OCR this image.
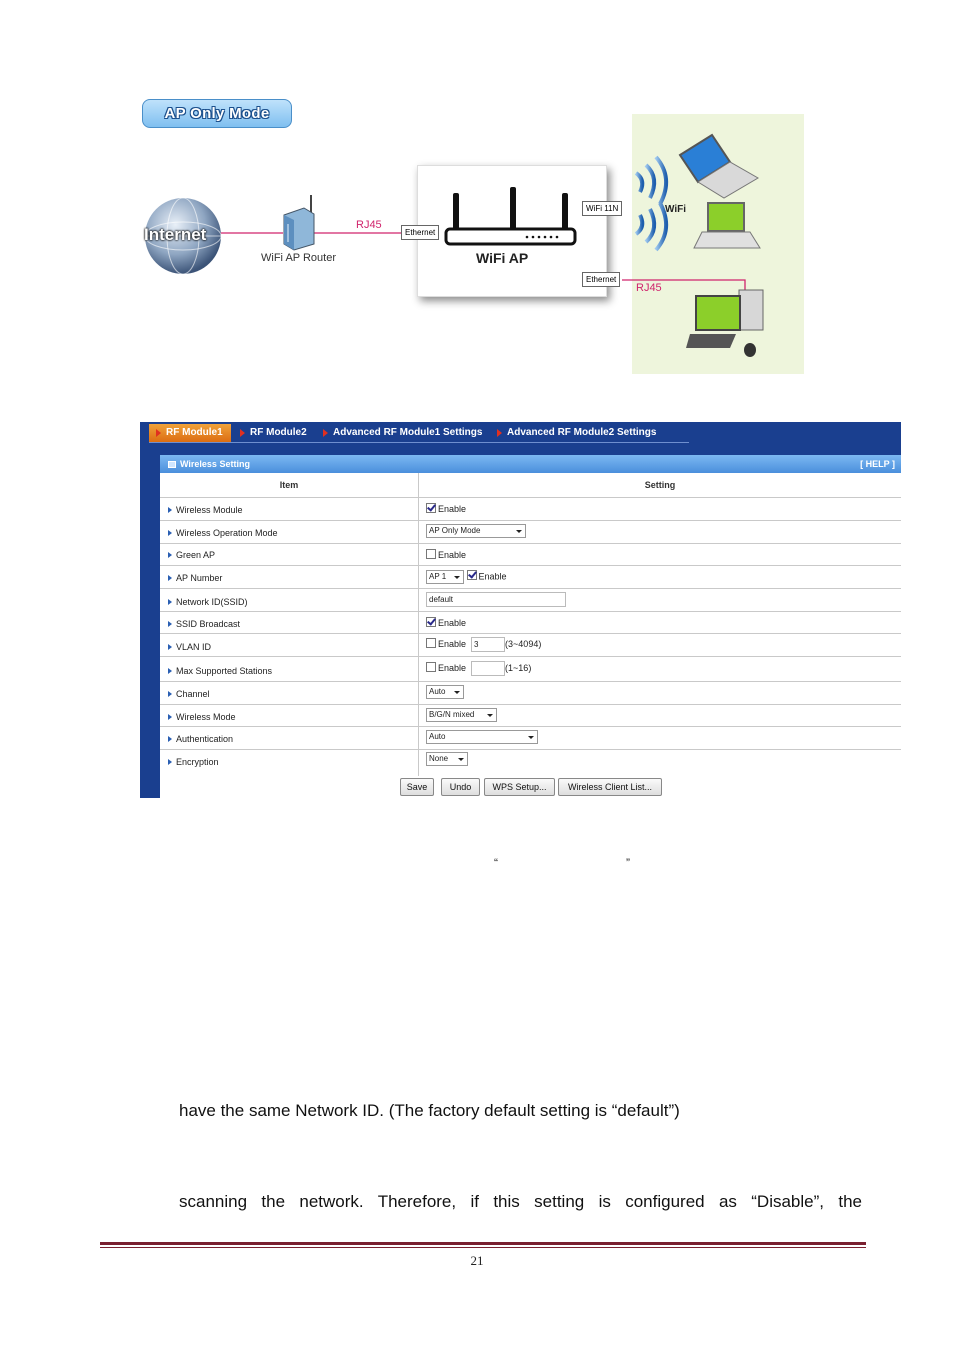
AP Only Mode
Internet
WiFi AP Router
RJ45
WiFi AP
Ethernet
WiFi 11N
Ethernet
RJ45
WiFi
RF Module1	RF Module2	Advanced RF Module1 Settings	Advanced RF Module2 Settings
Wireless Setting	[ HELP ]
Item	Setting
Wireless Module	Enable
Wireless Operation Mode	AP Only Mode
Green AP	Enable
AP Number	AP 1	Enable
Network ID(SSID)	default
SSID Broadcast	Enable
VLAN ID	Enable 3	(3~4094)
Max Supported Stations	Enable	(1~16)
Channel	Auto
Wireless Mode	B/G/N mixed
Authentication	Auto
Encryption	None
Save	Undo	WPS Setup...	Wireless Client List...
“	”
have the same Network ID. (The factory default setting is “default”)
scanning the network. Therefore, if this setting is configured as “Disable”, the
21
